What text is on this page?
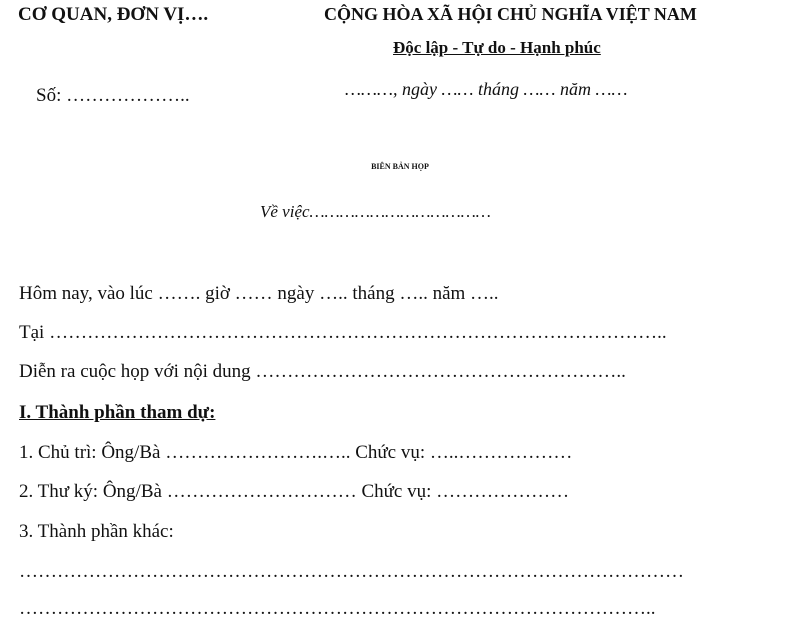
CƠ QUAN, ĐƠN VỊ….	CỘNG HÒA XÃ HỘI CHỦ NGHĨA VIỆT NAM
Độc lập - Tự do - Hạnh phúc
Số: ………………..	………, ngày …… tháng …… năm ……
BIÊN BẢN HỌP
Về việc………………………………
Hôm nay, vào lúc ……. giờ …… ngày ….. tháng ….. năm …..
Tại ……………………………………………………………………………………..
Diễn ra cuộc họp với nội dung …………………………………………………..
I. Thành phần tham dự:
1. Chủ trì: Ông/Bà …………………….….. Chức vụ: …..………………
2. Thư ký: Ông/Bà ………………………… Chức vụ: …………………
3. Thành phần khác:
……………………………………………………………………………………………
………………………………………………………………………………………..
